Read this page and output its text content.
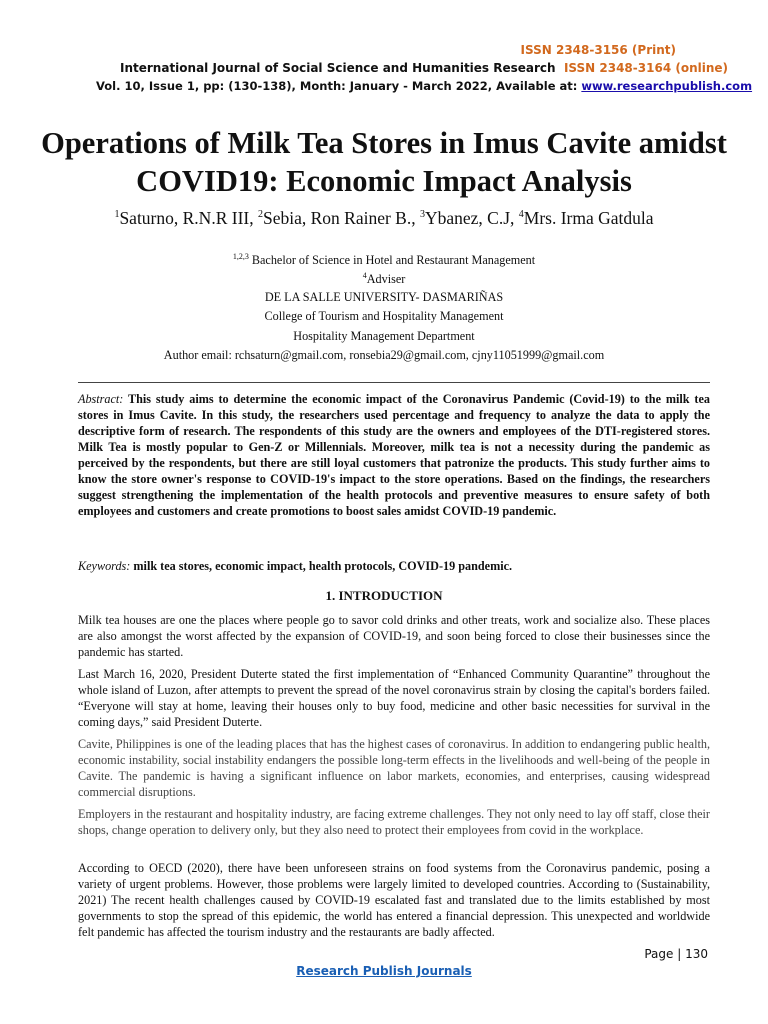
ISSN 2348-3156 (Print)
International Journal of Social Science and Humanities Research ISSN 2348-3164 (online)
Vol. 10, Issue 1, pp: (130-138), Month: January - March 2022, Available at: www.researchpublish.com
Operations of Milk Tea Stores in Imus Cavite amidst COVID19: Economic Impact Analysis
$^1$Saturno, R.N.R III, $^2$Sebia, Ron Rainer B., $^3$Ybanez, C.J, $^4$Mrs. Irma Gatdula
$^{1,2,3}$ Bachelor of Science in Hotel and Restaurant Management
$^4$Adviser
DE LA SALLE UNIVERSITY- DASMARIÑAS
College of Tourism and Hospitality Management
Hospitality Management Department
Author email: rchsaturn@gmail.com, ronsebia29@gmail.com, cjny11051999@gmail.com

Abstract: This study aims to determine the economic impact of the Coronavirus Pandemic (Covid-19) to the milk tea stores in Imus Cavite. In this study, the researchers used percentage and frequency to analyze the data to apply the descriptive form of research. The respondents of this study are the owners and employees of the DTI-registered stores. Milk Tea is mostly popular to Gen-Z or Millennials. Moreover, milk tea is not a necessity during the pandemic as perceived by the respondents, but there are still loyal customers that patronize the products. This study further aims to know the store owner's response to COVID-19's impact to the store operations. Based on the findings, the researchers suggest strengthening the implementation of the health protocols and preventive measures to ensure safety of both employees and customers and create promotions to boost sales amidst COVID-19 pandemic.

Keywords: milk tea stores, economic impact, health protocols, COVID-19 pandemic.

1. INTRODUCTION

Milk tea houses are one the places where people go to savor cold drinks and other treats, work and socialize also. These places are also amongst the worst affected by the expansion of COVID-19, and soon being forced to close their businesses since the pandemic has started.

Last March 16, 2020, President Duterte stated the first implementation of “Enhanced Community Quarantine” throughout the whole island of Luzon, after attempts to prevent the spread of the novel coronavirus strain by closing the capital's borders failed. “Everyone will stay at home, leaving their houses only to buy food, medicine and other basic necessities for survival in the coming days,” said President Duterte.

Cavite, Philippines is one of the leading places that has the highest cases of coronavirus. In addition to endangering public health, economic instability, social instability endangers the possible long-term effects in the livelihoods and well-being of the people in Cavite. The pandemic is having a significant influence on labor markets, economies, and enterprises, causing widespread commercial disruptions.

Employers in the restaurant and hospitality industry, are facing extreme challenges. They not only need to lay off staff, close their shops, change operation to delivery only, but they also need to protect their employees from covid in the workplace.

According to OECD (2020), there have been unforeseen strains on food systems from the Coronavirus pandemic, posing a variety of urgent problems. However, those problems were largely limited to developed countries. According to (Sustainability, 2021) The recent health challenges caused by COVID-19 escalated fast and translated due to the limits established by most governments to stop the spread of this epidemic, the world has entered a financial depression. This unexpected and worldwide felt pandemic has affected the tourism industry and the restaurants are badly affected.

Page | 130
Research Publish Journals
